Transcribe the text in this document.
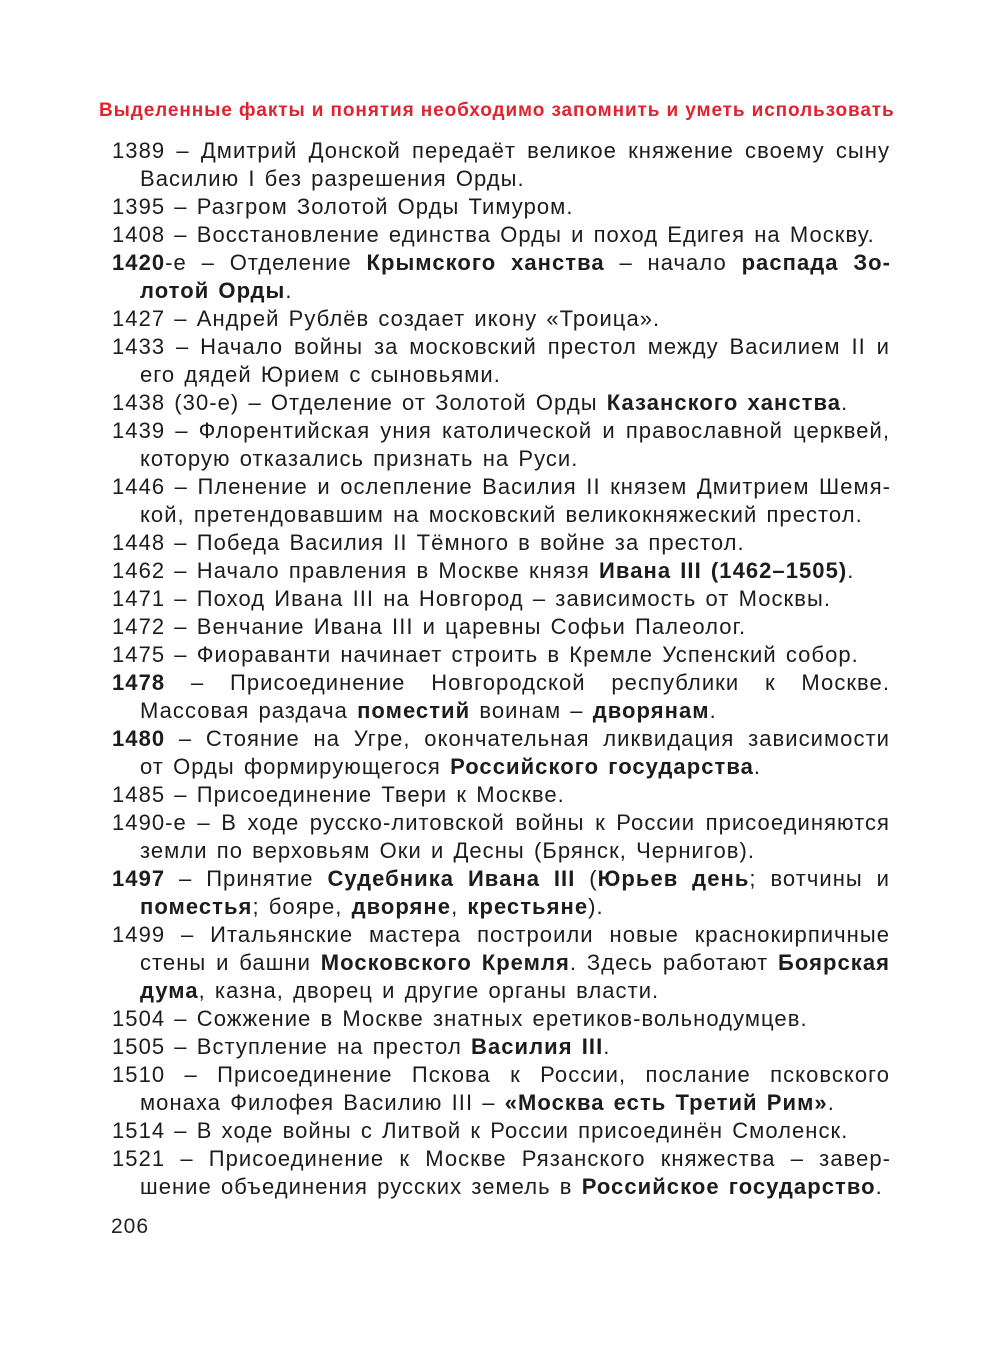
Выделенные факты и понятия необходимо запомнить и уметь использовать

1389 – Дмитрий Донской передаёт великое княжение своему сыну Василию I без разрешения Орды.

1395 – Разгром Золотой Орды Тимуром.

1408 – Восстановление единства Орды и поход Едигея на Москву.

1420-е – Отделение Крымского ханства – начало распада Золотой Орды.

1427 – Андрей Рублёв создает икону «Троица».

1433 – Начало войны за московский престол между Василием II и его дядей Юрием с сыновьями.

1438 (30-е) – Отделение от Золотой Орды Казанского ханства.

1439 – Флорентийская уния католической и православной церквей, которую отказались признать на Руси.

1446 – Пленение и ослепление Василия II князем Дмитрием Шемякой, претендовавшим на московский великокняжеский престол.

1448 – Победа Василия II Тёмного в войне за престол.

1462 – Начало правления в Москве князя Ивана III (1462–1505).

1471 – Поход Ивана III на Новгород – зависимость от Москвы.

1472 – Венчание Ивана III и царевны Софьи Палеолог.

1475 – Фиораванти начинает строить в Кремле Успенский собор.

1478 – Присоединение Новгородской республики к Москве. Массовая раздача поместий воинам – дворянам.

1480 – Стояние на Угре, окончательная ликвидация зависимости от Орды формирующегося Российского государства.

1485 – Присоединение Твери к Москве.

1490-е – В ходе русско-литовской войны к России присоединяются земли по верховьям Оки и Десны (Брянск, Чернигов).

1497 – Принятие Судебника Ивана III (Юрьев день; вотчины и поместья; бояре, дворяне, крестьяне).

1499 – Итальянские мастера построили новые краснокирпичные стены и башни Московского Кремля. Здесь работают Боярская дума, казна, дворец и другие органы власти.

1504 – Сожжение в Москве знатных еретиков-вольнодумцев.

1505 – Вступление на престол Василия III.

1510 – Присоединение Пскова к России, послание псковского монаха Филофея Василию III – «Москва есть Третий Рим».

1514 – В ходе войны с Литвой к России присоединён Смоленск.

1521 – Присоединение к Москве Рязанского княжества – завершение объединения русских земель в Российское государство.

206
